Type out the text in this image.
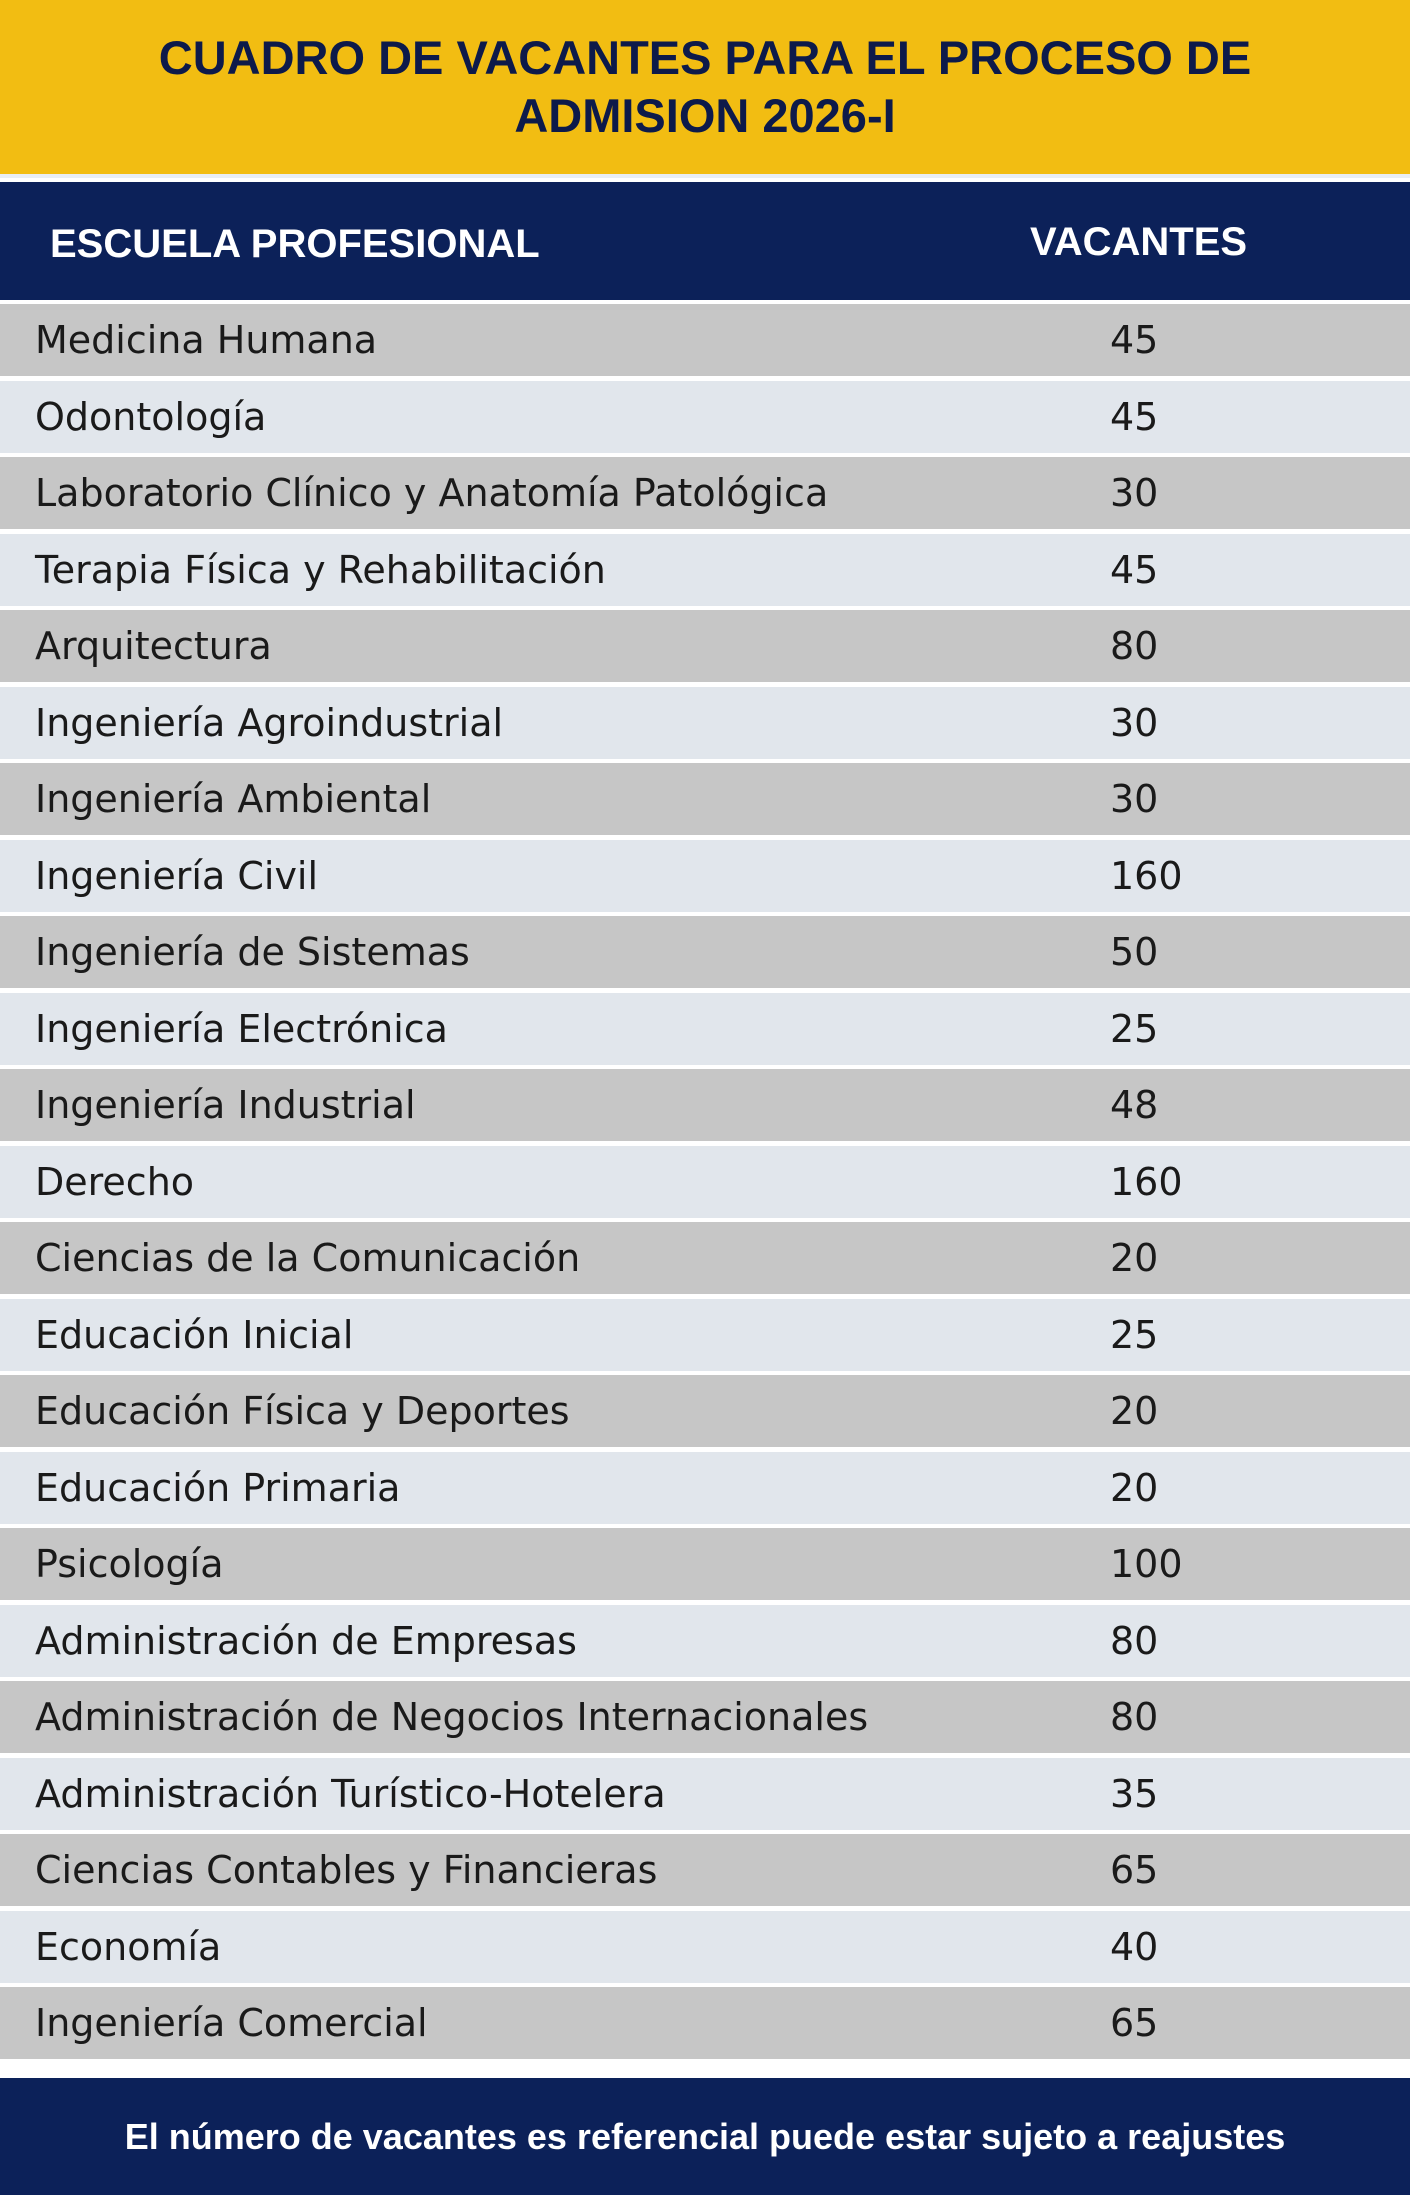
CUADRO DE VACANTES PARA EL PROCESO DE
ADMISION 2026-I
ESCUELA PROFESIONAL	VACANTES
Medicina Humana	45
Odontología	45
Laboratorio Clínico y Anatomía Patológica	30
Terapia Física y Rehabilitación	45
Arquitectura	80
Ingeniería Agroindustrial	30
Ingeniería Ambiental	30
Ingeniería Civil	160
Ingeniería de Sistemas	50
Ingeniería Electrónica	25
Ingeniería Industrial	48
Derecho	160
Ciencias de la Comunicación	20
Educación Inicial	25
Educación Física y Deportes	20
Educación Primaria	20
Psicología	100
Administración de Empresas	80
Administración de Negocios Internacionales	80
Administración Turístico-Hotelera	35
Ciencias Contables y Financieras	65
Economía	40
Ingeniería Comercial	65
El número de vacantes es referencial puede estar sujeto a reajustes
